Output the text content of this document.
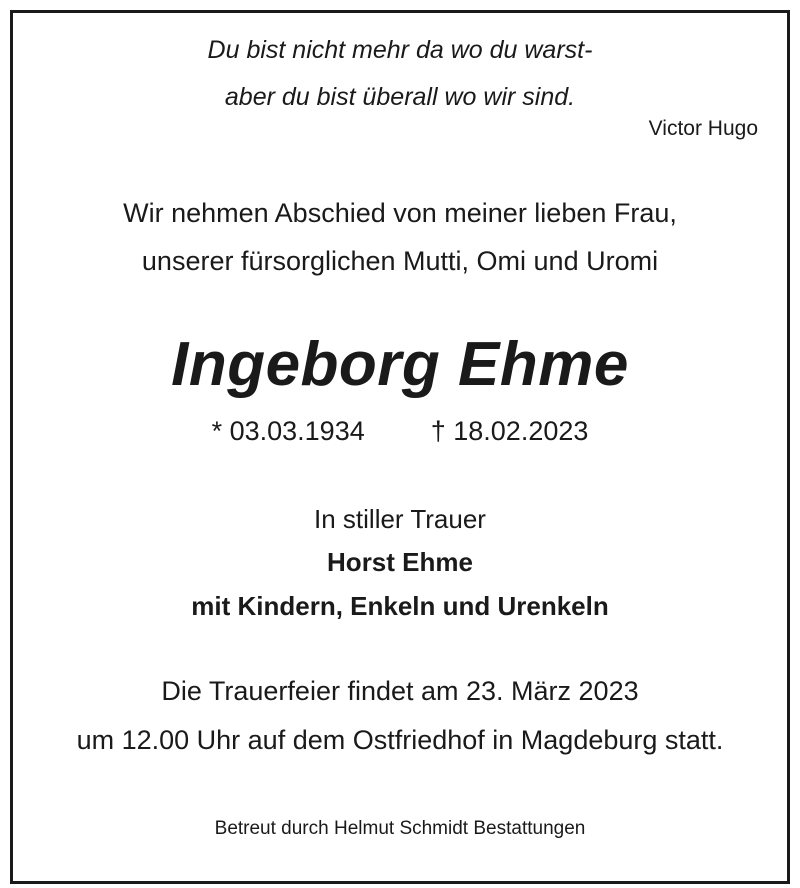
Du bist nicht mehr da wo du warst-
aber du bist überall wo wir sind.
Victor Hugo
Wir nehmen Abschied von meiner lieben Frau,
unserer fürsorglichen Mutti, Omi und Uromi
Ingeborg Ehme
* 03.03.1934 † 18.02.2023
In stiller Trauer
Horst Ehme
mit Kindern, Enkeln und Urenkeln
Die Trauerfeier findet am 23. März 2023
um 12.00 Uhr auf dem Ostfriedhof in Magdeburg statt.
Betreut durch Helmut Schmidt Bestattungen
